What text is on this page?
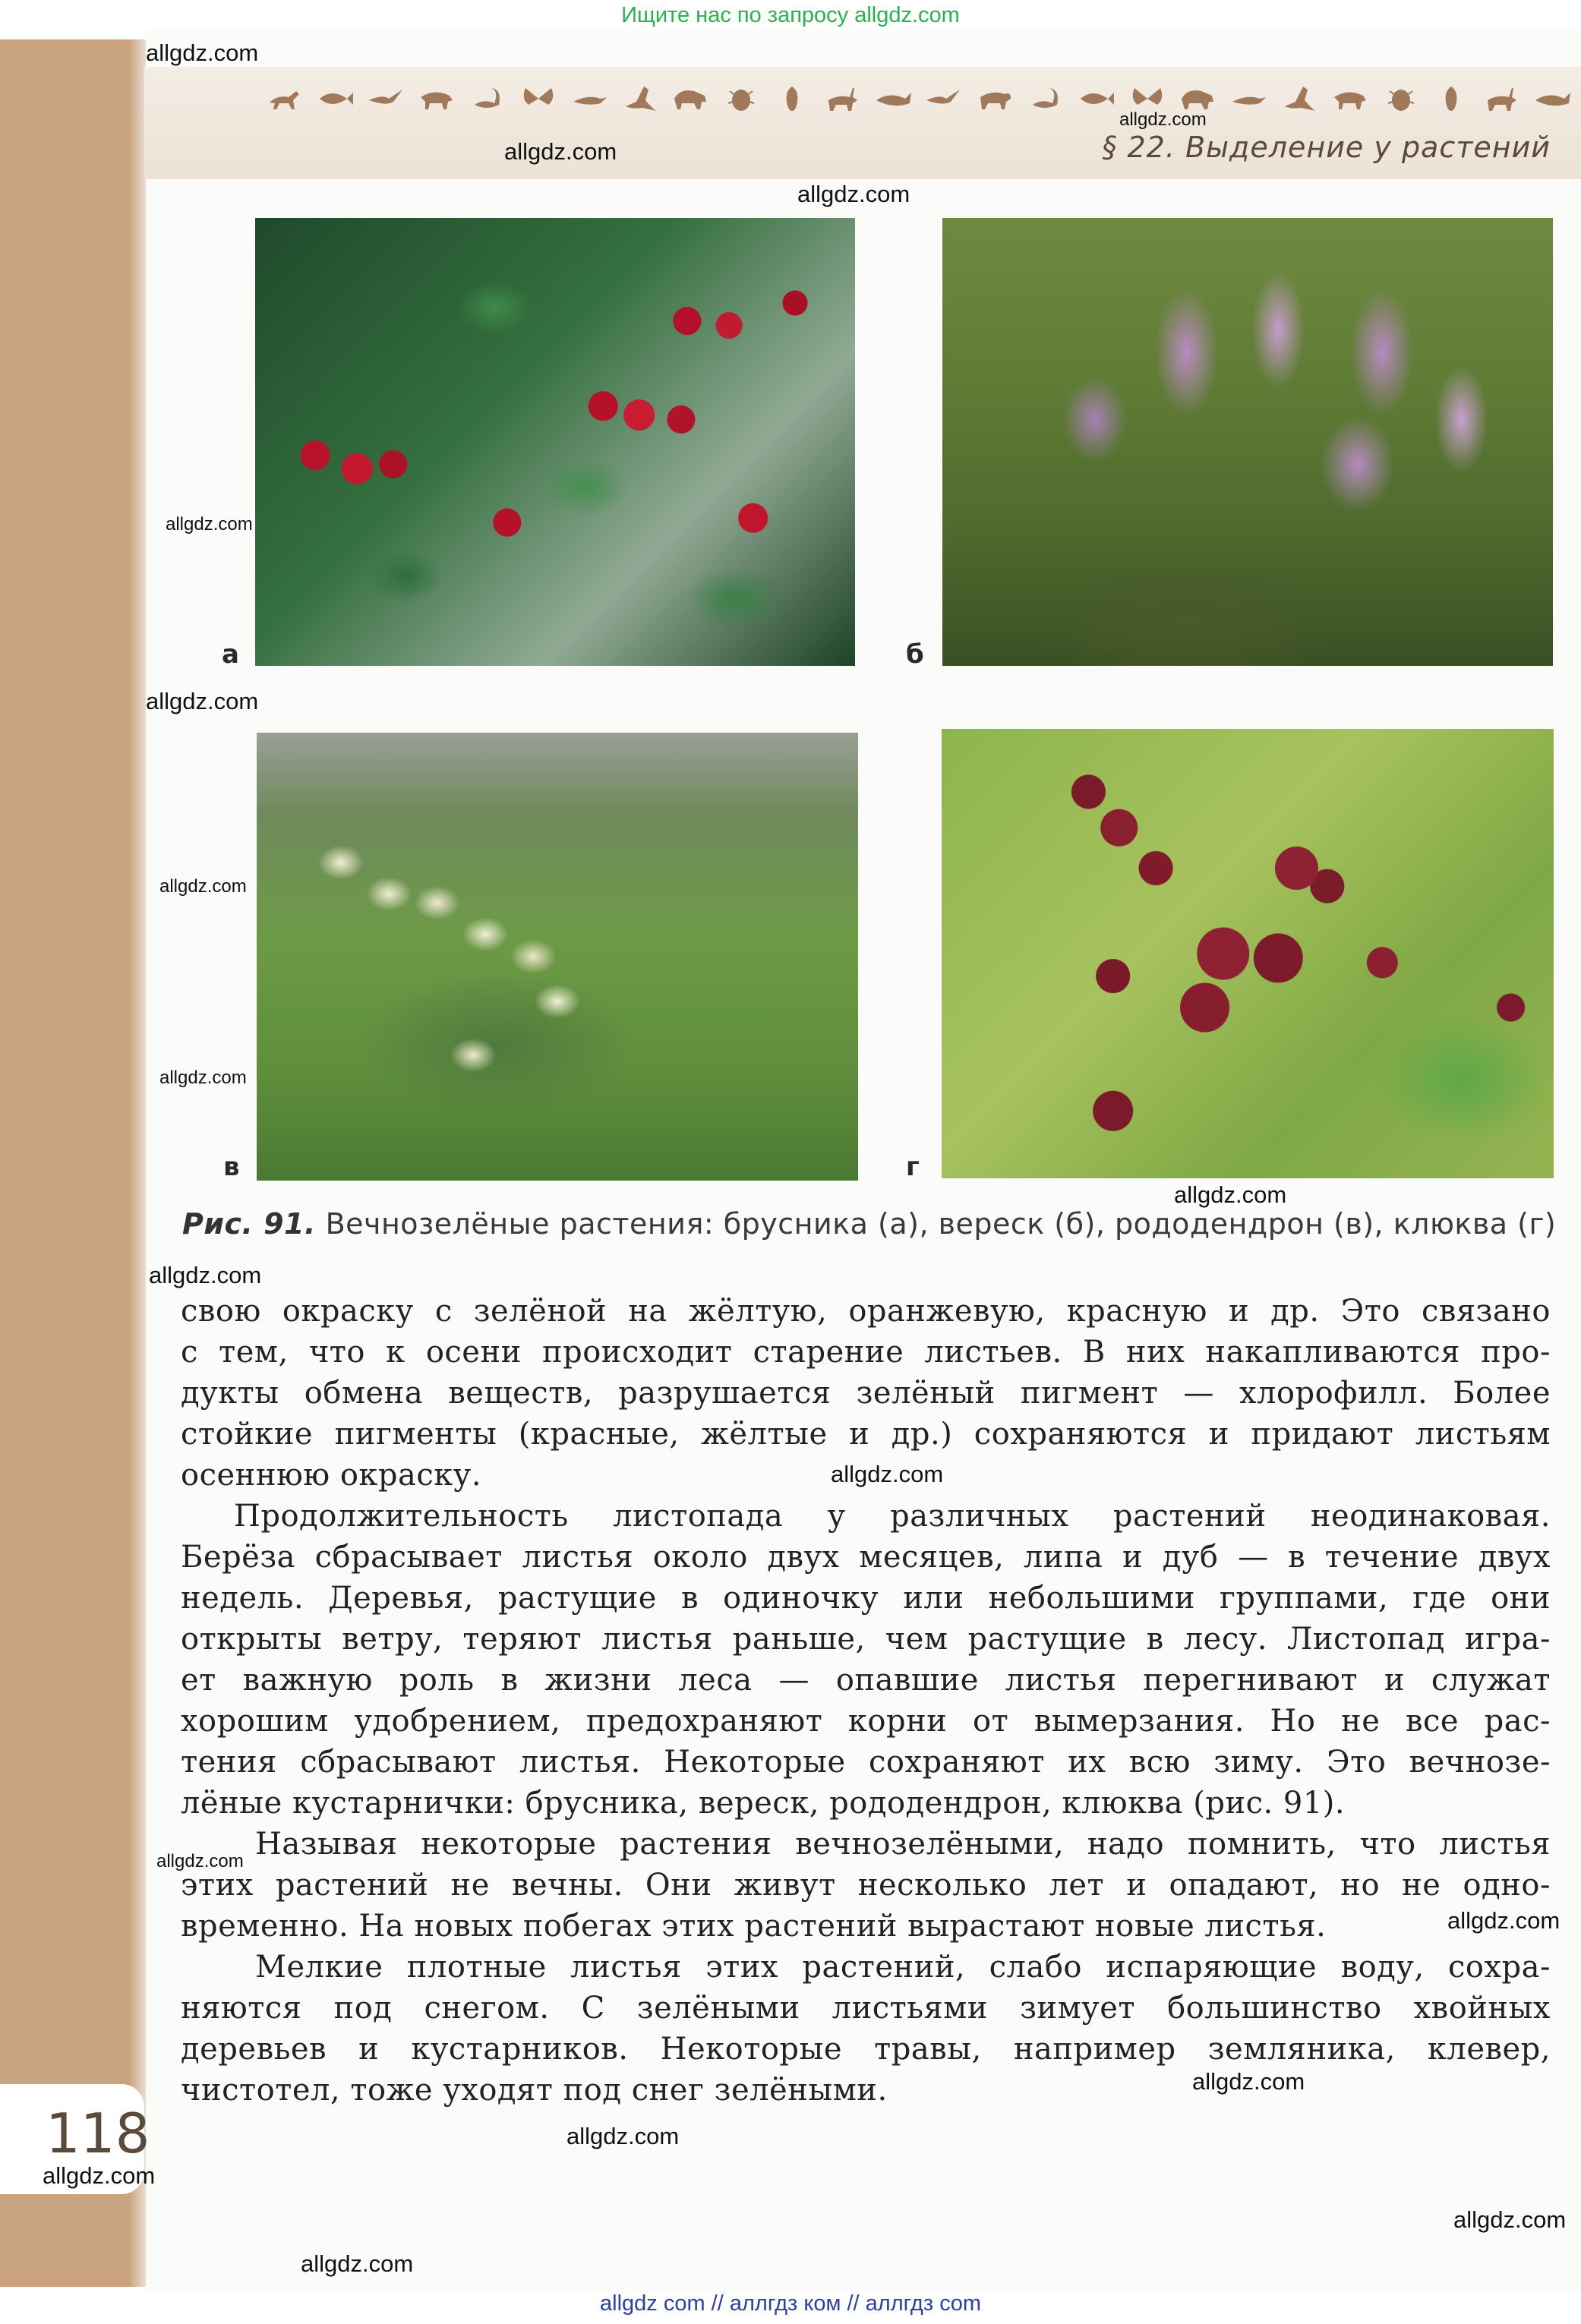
Ищите нас по запросу allgdz.com
§ 22. Выделение у растений
а	б
в	г
Рис. 91. Вечнозелёные растения: брусника (а), вереск (б), рододендрон (в), клюква (г)
свою окраску с зелёной на жёлтую, оранжевую, красную и др. Это связано
с тем, что к осени происходит старение листьев. В них накапливаются про-
дукты обмена веществ, разрушается зелёный пигмент — хлорофилл. Более
стойкие пигменты (красные, жёлтые и др.) сохраняются и придают листьям
осеннюю окраску.
Продолжительность листопада у различных растений неодинаковая.
Берёза сбрасывает листья около двух месяцев, липа и дуб — в течение двух
недель. Деревья, растущие в одиночку или небольшими группами, где они
открыты ветру, теряют листья раньше, чем растущие в лесу. Листопад игра-
ет важную роль в жизни леса — опавшие листья перегнивают и служат
хорошим удобрением, предохраняют корни от вымерзания. Но не все рас-
тения сбрасывают листья. Некоторые сохраняют их всю зиму. Это вечнозе-
лёные кустарнички: брусника, вереск, рододендрон, клюква (рис. 91).
Называя некоторые растения вечнозелёными, надо помнить, что листья
этих растений не вечны. Они живут несколько лет и опадают, но не одно-
временно. На новых побегах этих растений вырастают новые листья.
Мелкие плотные листья этих растений, слабо испаряющие воду, сохра-
няются под снегом. С зелёными листьями зимует большинство хвойных
деревьев и кустарников. Некоторые травы, например земляника, клевер,
чистотел, тоже уходят под снег зелёными.
118
allgdz.com
allgdz.com
allgdz.com
allgdz.com
allgdz.com
allgdz.com
allgdz.com
allgdz.com
allgdz.com
allgdz.com
allgdz.com
allgdz.com
allgdz.com
allgdz.com
allgdz.com
allgdz.com
allgdz.com
allgdz.com
allgdz com // аллгдз ком // аллгдз com
